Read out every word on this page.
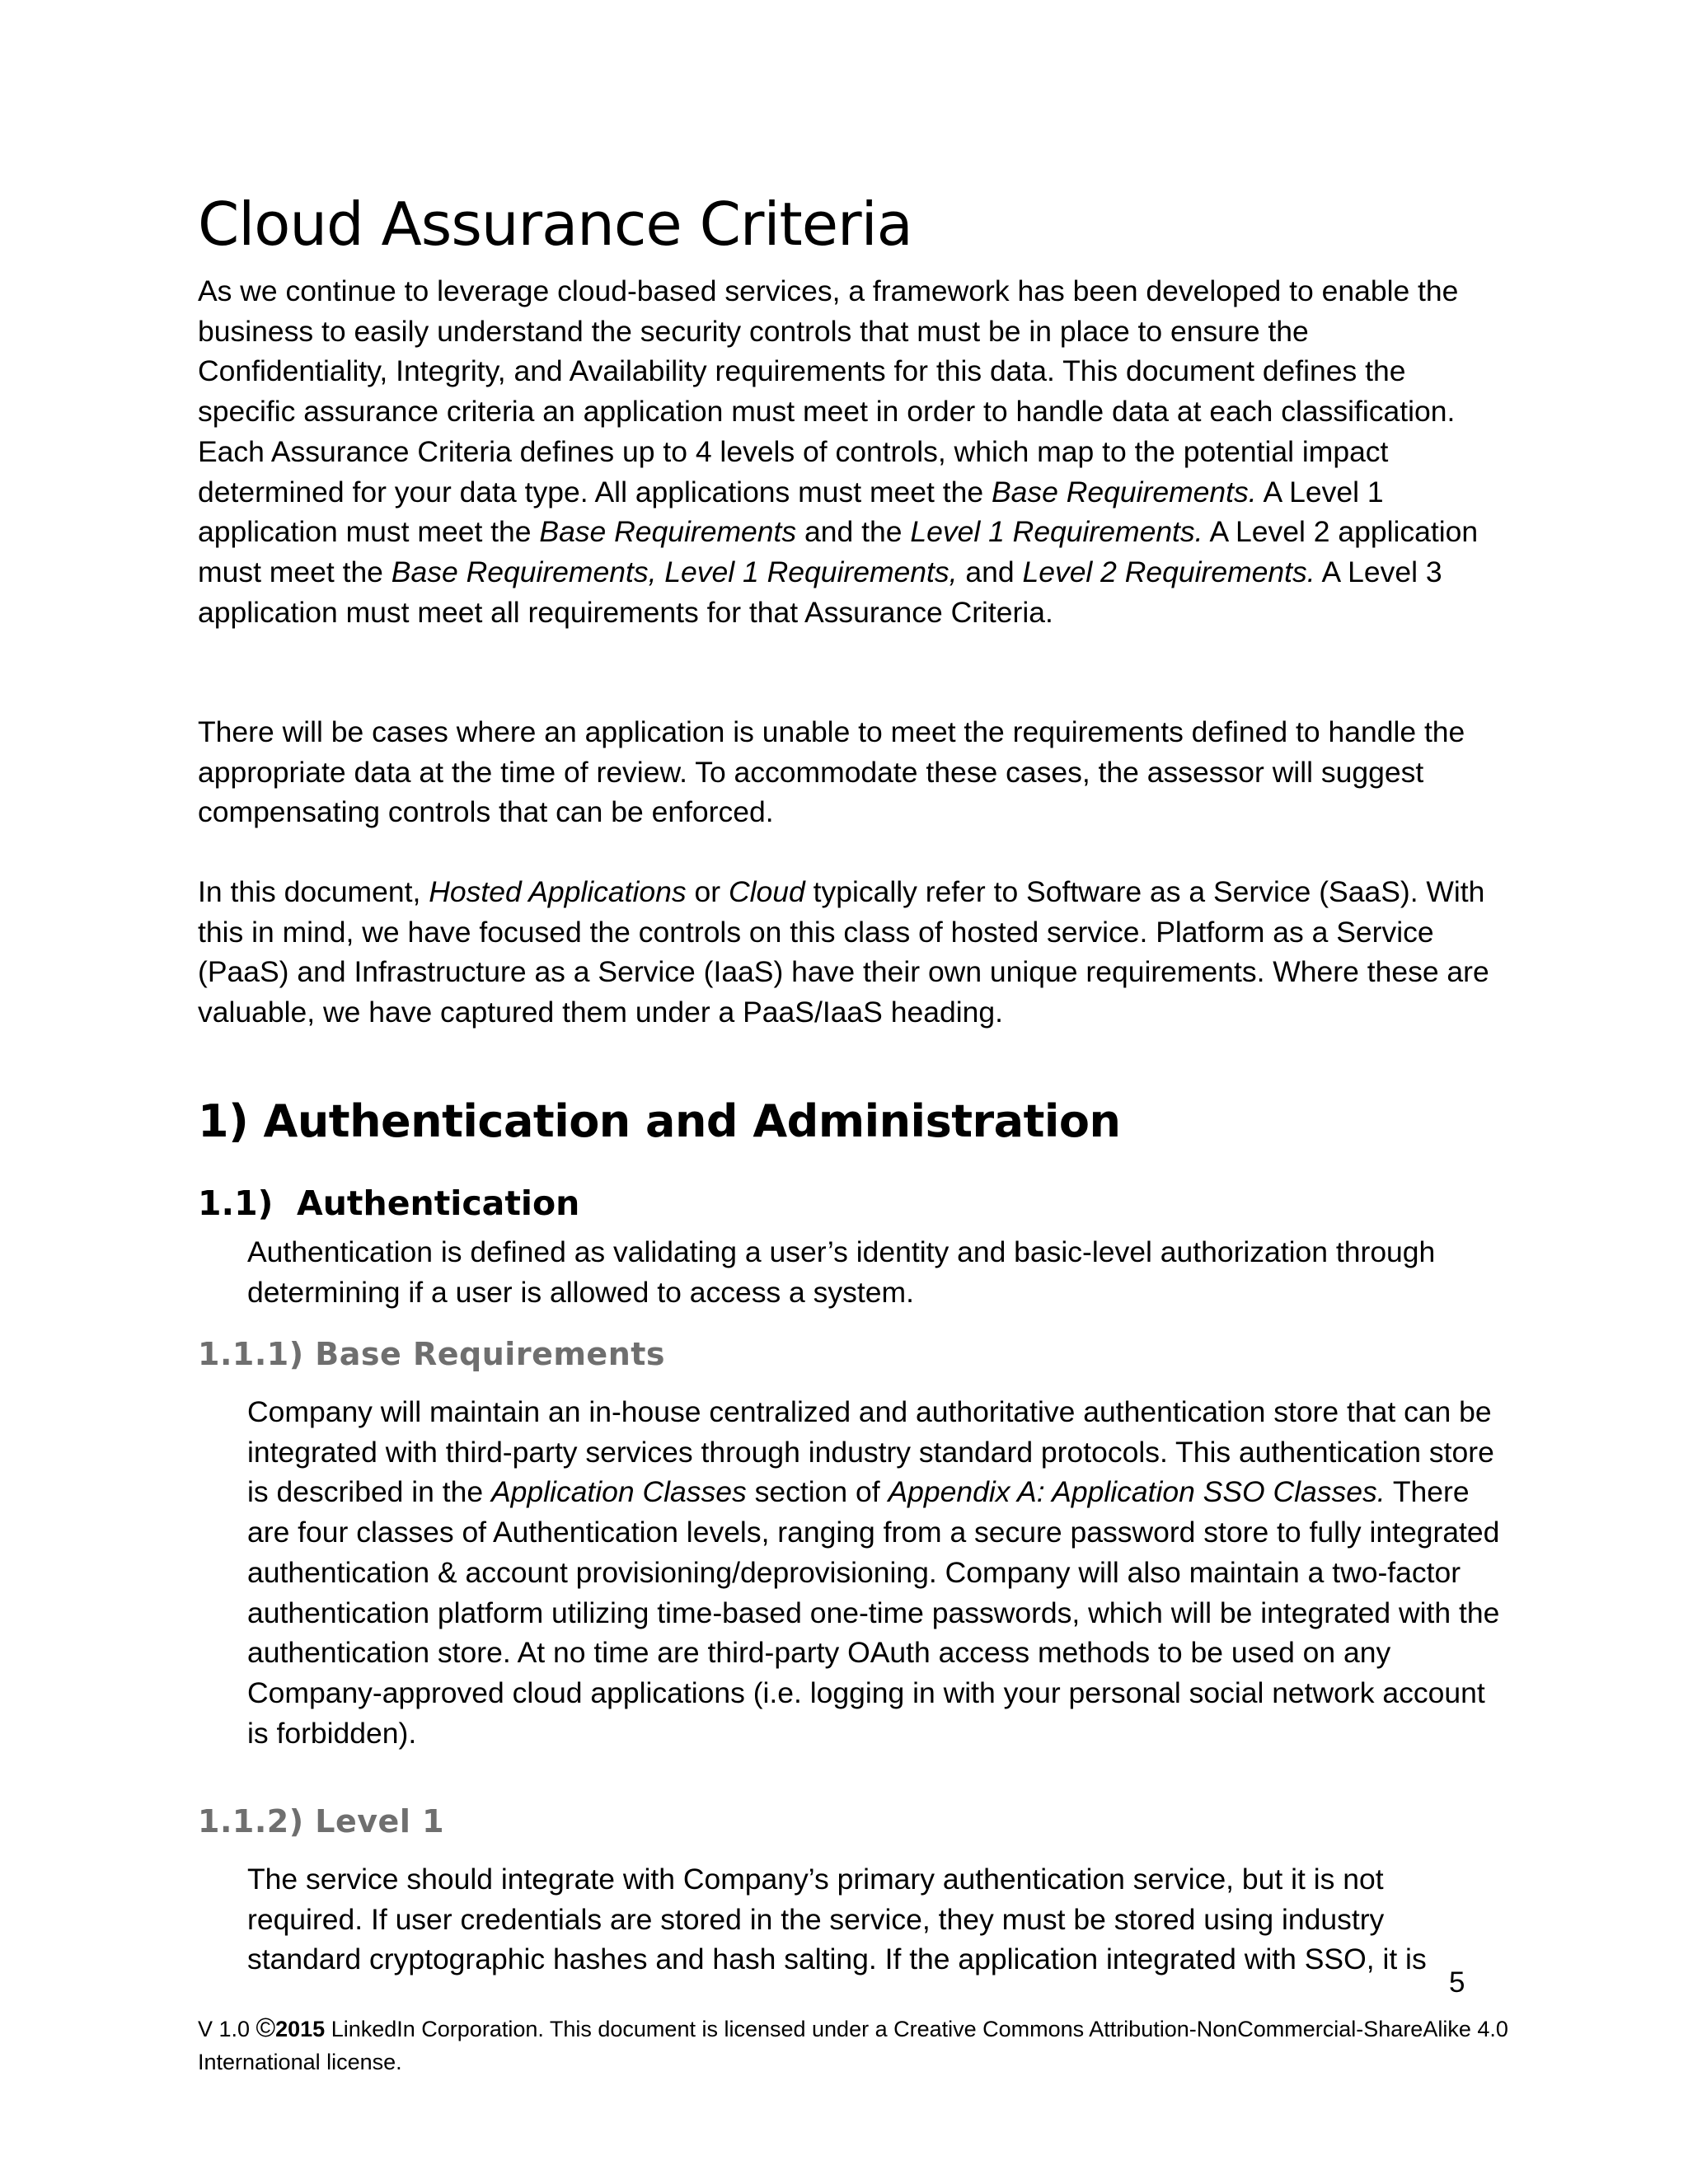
Cloud Assurance Criteria

As we continue to leverage cloud-based services, a framework has been developed to enable the business to easily understand the security controls that must be in place to ensure the Confidentiality, Integrity, and Availability requirements for this data. This document defines the specific assurance criteria an application must meet in order to handle data at each classification. Each Assurance Criteria defines up to 4 levels of controls, which map to the potential impact determined for your data type. All applications must meet the Base Requirements. A Level 1 application must meet the Base Requirements and the Level 1 Requirements. A Level 2 application must meet the Base Requirements, Level 1 Requirements, and Level 2 Requirements. A Level 3 application must meet all requirements for that Assurance Criteria.

There will be cases where an application is unable to meet the requirements defined to handle the appropriate data at the time of review. To accommodate these cases, the assessor will suggest compensating controls that can be enforced.

In this document, Hosted Applications or Cloud typically refer to Software as a Service (SaaS). With this in mind, we have focused the controls on this class of hosted service. Platform as a Service (PaaS) and Infrastructure as a Service (IaaS) have their own unique requirements. Where these are valuable, we have captured them under a PaaS/IaaS heading.

1) Authentication and Administration
1.1) Authentication

Authentication is defined as validating a user’s identity and basic-level authorization through determining if a user is allowed to access a system.

1.1.1) Base Requirements

Company will maintain an in-house centralized and authoritative authentication store that can be integrated with third-party services through industry standard protocols. This authentication store is described in the Application Classes section of Appendix A: Application SSO Classes. There are four classes of Authentication levels, ranging from a secure password store to fully integrated authentication & account provisioning/deprovisioning. Company will also maintain a two-factor authentication platform utilizing time-based one-time passwords, which will be integrated with the authentication store. At no time are third-party OAuth access methods to be used on any Company-approved cloud applications (i.e. logging in with your personal social network account is forbidden).

1.1.2) Level 1

The service should integrate with Company’s primary authentication service, but it is not required. If user credentials are stored in the service, they must be stored using industry standard cryptographic hashes and hash salting. If the application integrated with SSO, it is

5

V 1.0 ©2015 LinkedIn Corporation. This document is licensed under a Creative Commons Attribution-NonCommercial-ShareAlike 4.0 International license.
